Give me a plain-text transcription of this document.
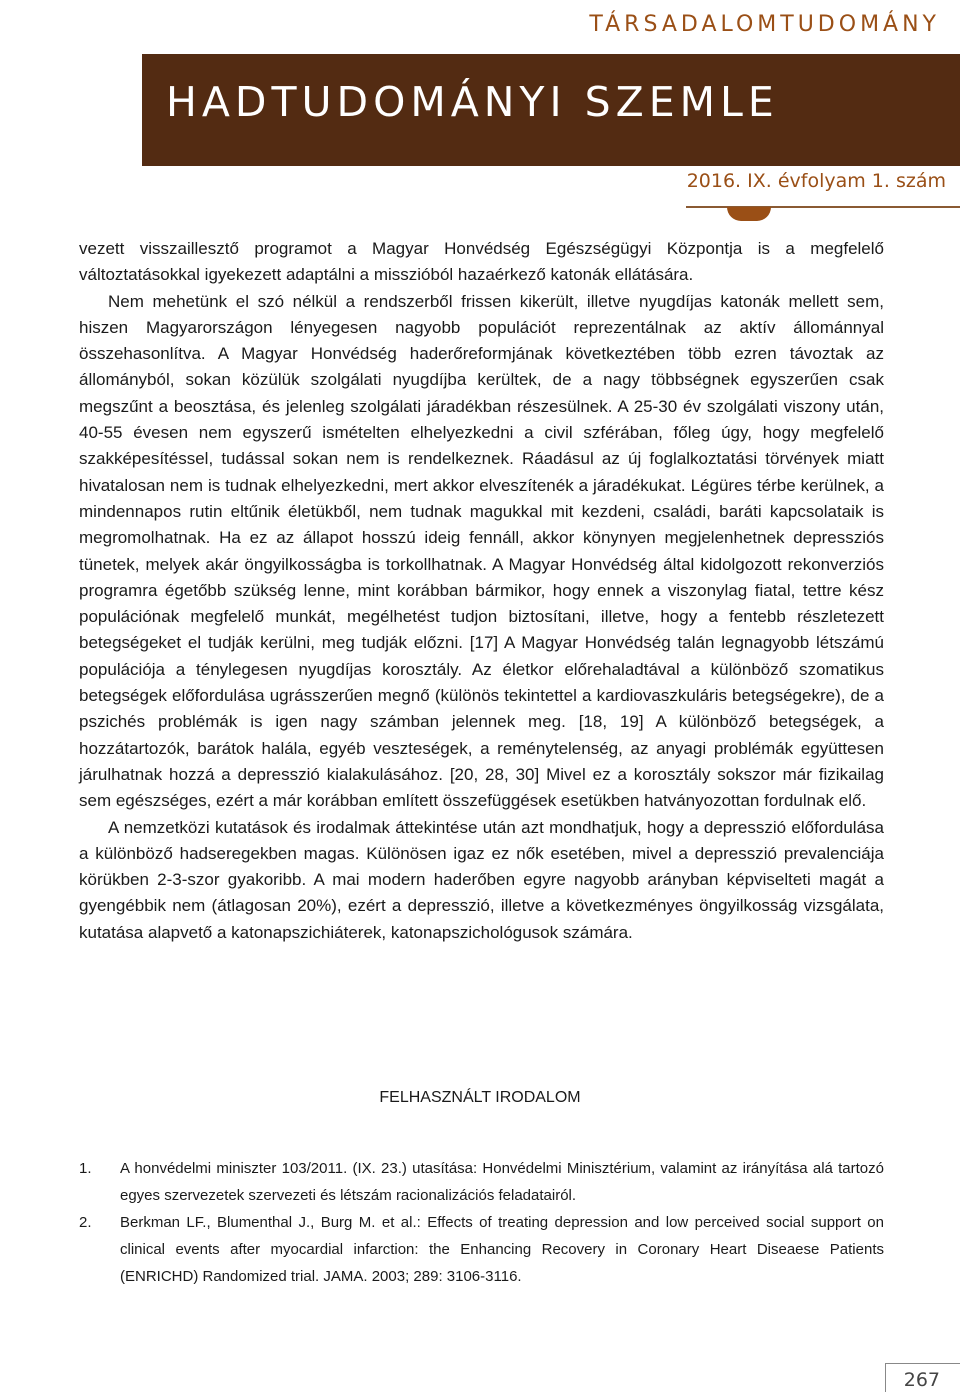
TÁRSADALOMTUDOMÁNY
HADTUDOMÁNYI SZEMLE
2016. IX. évfolyam 1. szám

vezett visszaillesztő programot a Magyar Honvédség Egészségügyi Központja is a megfelelő változtatásokkal igyekezett adaptálni a misszióból hazaérkező katonák ellátására.

Nem mehetünk el szó nélkül a rendszerből frissen kikerült, illetve nyugdíjas katonák mellett sem, hiszen Magyarországon lényegesen nagyobb populációt reprezentálnak az aktív állománnyal összehasonlítva. A Magyar Honvédség haderőreformjának következtében több ezren távoztak az állományból, sokan közülük szolgálati nyugdíjba kerültek, de a nagy többségnek egyszerűen csak megszűnt a beosztása, és jelenleg szolgálati járadékban részesülnek. A 25-30 év szolgálati viszony után, 40-55 évesen nem egyszerű ismételten elhelyezkedni a civil szférában, főleg úgy, hogy megfelelő szakképesítéssel, tudással sokan nem is rendelkeznek. Ráadásul az új foglalkoztatási törvények miatt hivatalosan nem is tudnak elhelyezkedni, mert akkor elveszítenék a járadékukat. Légüres térbe kerülnek, a mindennapos rutin eltűnik életükből, nem tudnak magukkal mit kezdeni, családi, baráti kapcsolataik is megromolhatnak. Ha ez az állapot hosszú ideig fennáll, akkor könynyen megjelenhetnek depressziós tünetek, melyek akár öngyilkosságba is torkollhatnak. A Magyar Honvédség által kidolgozott rekonverziós programra égetőbb szükség lenne, mint korábban bármikor, hogy ennek a viszonylag fiatal, tettre kész populációnak megfelelő munkát, megélhetést tudjon biztosítani, illetve, hogy a fentebb részletezett betegségeket el tudják kerülni, meg tudják előzni. [17] A Magyar Honvédség talán legnagyobb létszámú populációja a ténylegesen nyugdíjas korosztály. Az életkor előrehaladtával a különböző szomatikus betegségek előfordulása ugrásszerűen megnő (különös tekintettel a kardiovaszkuláris betegségekre), de a pszichés problémák is igen nagy számban jelennek meg. [18, 19] A különböző betegségek, a hozzátartozók, barátok halála, egyéb veszteségek, a reménytelenség, az anyagi problémák együttesen járulhatnak hozzá a depresszió kialakulásához. [20, 28, 30] Mivel ez a korosztály sokszor már fizikailag sem egészséges, ezért a már korábban említett összefüggések esetükben hatványozottan fordulnak elő.

A nemzetközi kutatások és irodalmak áttekintése után azt mondhatjuk, hogy a depresszió előfordulása a különböző hadseregekben magas. Különösen igaz ez nők esetében, mivel a depresszió prevalenciája körükben 2-3-szor gyakoribb. A mai modern haderőben egyre nagyobb arányban képviselteti magát a gyengébbik nem (átlagosan 20%), ezért a depresszió, illetve a következményes öngyilkosság vizsgálata, kutatása alapvető a katonapszichiáterek, katonapszichológusok számára.

FELHASZNÁLT IRODALOM
1. A honvédelmi miniszter 103/2011. (IX. 23.) utasítása: Honvédelmi Minisztérium, valamint az irányítása alá tartozó egyes szervezetek szervezeti és létszám racionalizációs feladatairól.
2. Berkman LF., Blumenthal J., Burg M. et al.: Effects of treating depression and low perceived social support on clinical events after myocardial infarction: the Enhancing Recovery in Coronary Heart Diseaese Patients (ENRICHD) Randomized trial. JAMA. 2003; 289: 3106-3116.
267
